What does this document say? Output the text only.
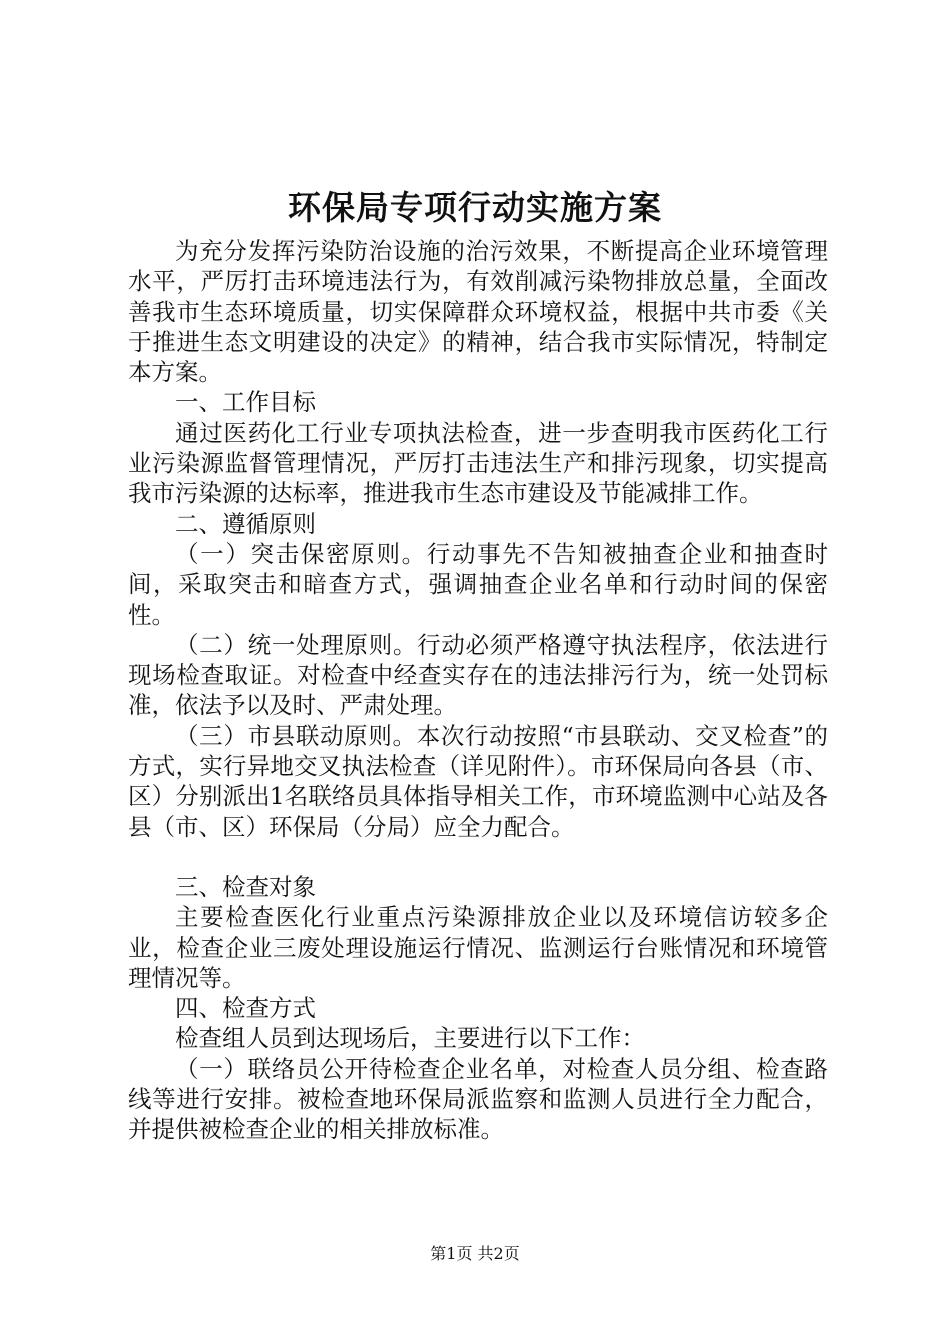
环保局专项行动实施方案

为充分发挥污染防治设施的治污效果，不断提高企业环境管理水平，严厉打击环境违法行为，有效削减污染物排放总量，全面改善我市生态环境质量，切实保障群众环境权益，根据中共市委《关于推进生态文明建设的决定》的精神，结合我市实际情况，特制定本方案。

一、工作目标

通过医药化工行业专项执法检查，进一步查明我市医药化工行业污染源监督管理情况，严厉打击违法生产和排污现象，切实提高我市污染源的达标率，推进我市生态市建设及节能减排工作。

二、遵循原则

（一）突击保密原则。行动事先不告知被抽查企业和抽查时间，采取突击和暗查方式，强调抽查企业名单和行动时间的保密性。

（二）统一处理原则。行动必须严格遵守执法程序，依法进行现场检查取证。对检查中经查实存在的违法排污行为，统一处罚标准，依法予以及时、严肃处理。

（三）市县联动原则。本次行动按照“市县联动、交叉检查”的方式，实行异地交叉执法检查（详见附件）。市环保局向各县（市、区）分别派出1名联络员具体指导相关工作，市环境监测中心站及各县（市、区）环保局（分局）应全力配合。

三、检查对象

主要检查医化行业重点污染源排放企业以及环境信访较多企业，检查企业三废处理设施运行情况、监测运行台账情况和环境管理情况等。

四、检查方式

检查组人员到达现场后，主要进行以下工作：

（一）联络员公开待检查企业名单，对检查人员分组、检查路线等进行安排。被检查地环保局派监察和监测人员进行全力配合，并提供被检查企业的相关排放标准。

第1页 共2页
